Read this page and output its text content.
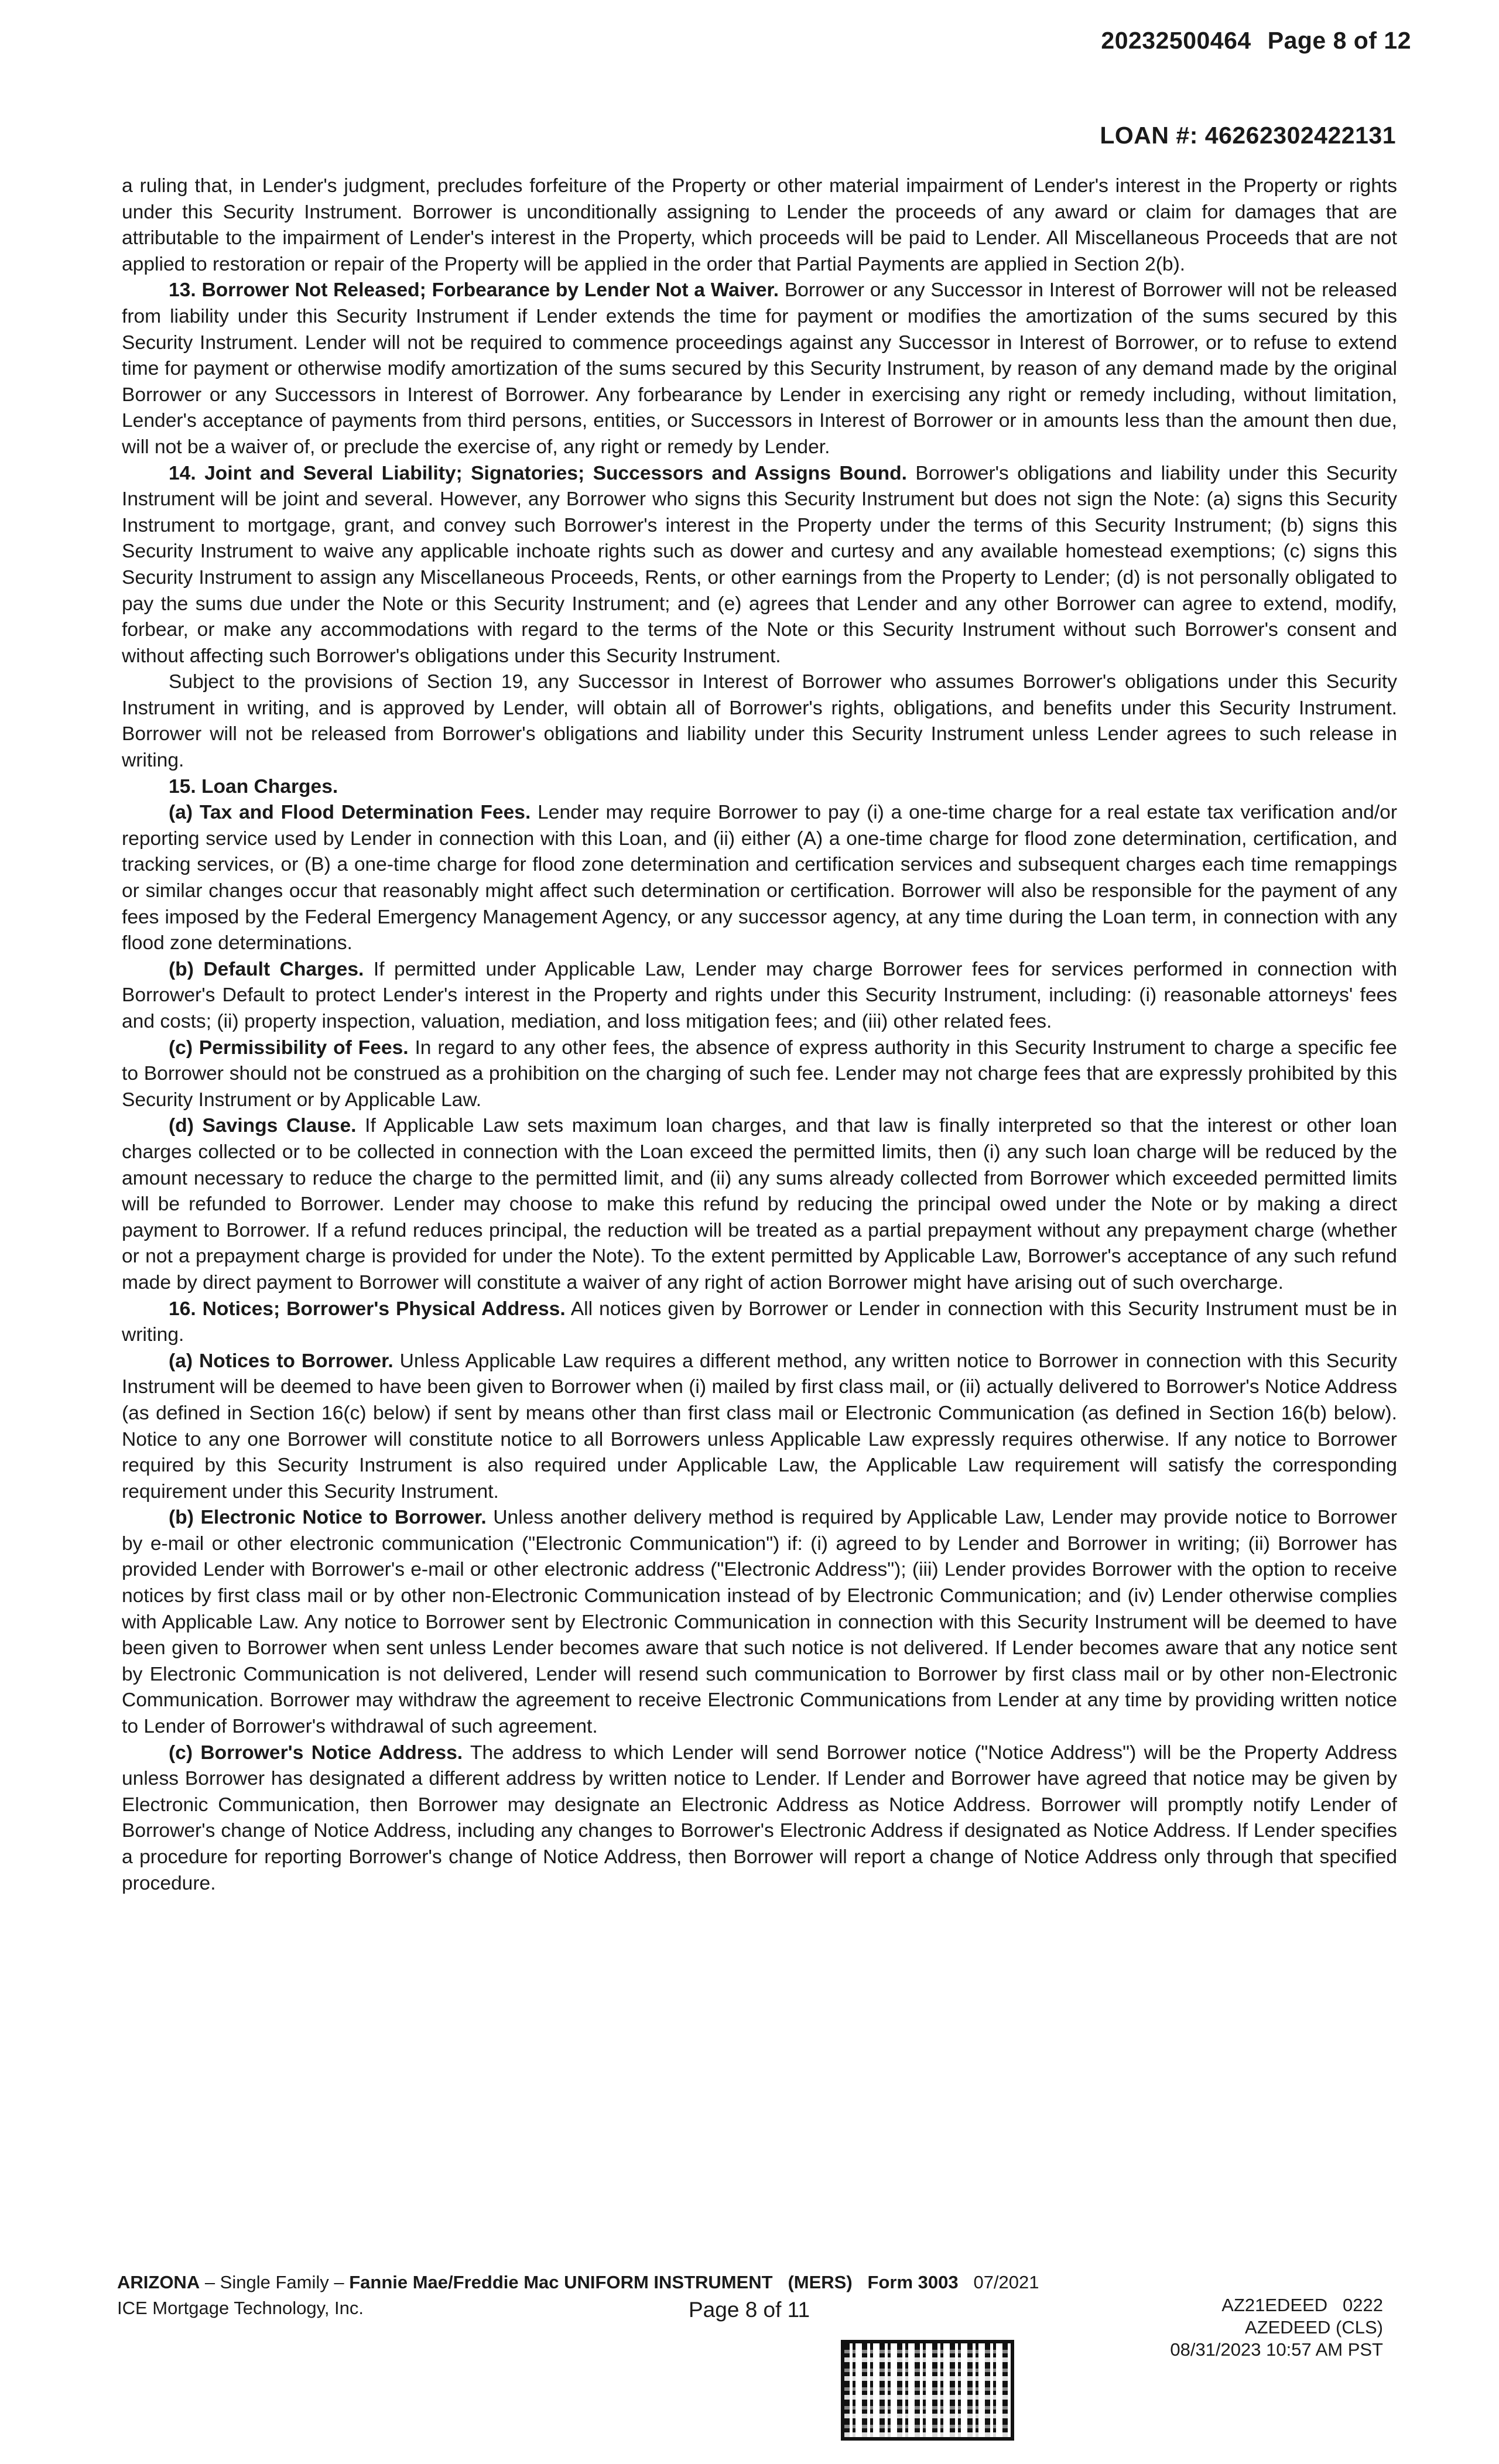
20232500464 Page 8 of 12
LOAN #: 46262302422131

a ruling that, in Lender's judgment, precludes forfeiture of the Property or other material impairment of Lender's interest in the Property or rights under this Security Instrument. Borrower is unconditionally assigning to Lender the proceeds of any award or claim for damages that are attributable to the impairment of Lender's interest in the Property, which proceeds will be paid to Lender. All Miscellaneous Proceeds that are not applied to restoration or repair of the Property will be applied in the order that Partial Payments are applied in Section 2(b).

13. Borrower Not Released; Forbearance by Lender Not a Waiver. Borrower or any Successor in Interest of Borrower will not be released from liability under this Security Instrument if Lender extends the time for payment or modifies the amortization of the sums secured by this Security Instrument. Lender will not be required to commence proceedings against any Successor in Interest of Borrower, or to refuse to extend time for payment or otherwise modify amortization of the sums secured by this Security Instrument, by reason of any demand made by the original Borrower or any Successors in Interest of Borrower. Any forbearance by Lender in exercising any right or remedy including, without limitation, Lender's acceptance of payments from third persons, entities, or Successors in Interest of Borrower or in amounts less than the amount then due, will not be a waiver of, or preclude the exercise of, any right or remedy by Lender.

14. Joint and Several Liability; Signatories; Successors and Assigns Bound. Borrower's obligations and liability under this Security Instrument will be joint and several. However, any Borrower who signs this Security Instrument but does not sign the Note: (a) signs this Security Instrument to mortgage, grant, and convey such Borrower's interest in the Property under the terms of this Security Instrument; (b) signs this Security Instrument to waive any applicable inchoate rights such as dower and curtesy and any available homestead exemptions; (c) signs this Security Instrument to assign any Miscellaneous Proceeds, Rents, or other earnings from the Property to Lender; (d) is not personally obligated to pay the sums due under the Note or this Security Instrument; and (e) agrees that Lender and any other Borrower can agree to extend, modify, forbear, or make any accommodations with regard to the terms of the Note or this Security Instrument without such Borrower's consent and without affecting such Borrower's obligations under this Security Instrument.

Subject to the provisions of Section 19, any Successor in Interest of Borrower who assumes Borrower's obligations under this Security Instrument in writing, and is approved by Lender, will obtain all of Borrower's rights, obligations, and benefits under this Security Instrument. Borrower will not be released from Borrower's obligations and liability under this Security Instrument unless Lender agrees to such release in writing.

15. Loan Charges.

(a) Tax and Flood Determination Fees. Lender may require Borrower to pay (i) a one-time charge for a real estate tax verification and/or reporting service used by Lender in connection with this Loan, and (ii) either (A) a one-time charge for flood zone determination, certification, and tracking services, or (B) a one-time charge for flood zone determination and certification services and subsequent charges each time remappings or similar changes occur that reasonably might affect such determination or certification. Borrower will also be responsible for the payment of any fees imposed by the Federal Emergency Management Agency, or any successor agency, at any time during the Loan term, in connection with any flood zone determinations.

(b) Default Charges. If permitted under Applicable Law, Lender may charge Borrower fees for services performed in connection with Borrower's Default to protect Lender's interest in the Property and rights under this Security Instrument, including: (i) reasonable attorneys' fees and costs; (ii) property inspection, valuation, mediation, and loss mitigation fees; and (iii) other related fees.

(c) Permissibility of Fees. In regard to any other fees, the absence of express authority in this Security Instrument to charge a specific fee to Borrower should not be construed as a prohibition on the charging of such fee. Lender may not charge fees that are expressly prohibited by this Security Instrument or by Applicable Law.

(d) Savings Clause. If Applicable Law sets maximum loan charges, and that law is finally interpreted so that the interest or other loan charges collected or to be collected in connection with the Loan exceed the permitted limits, then (i) any such loan charge will be reduced by the amount necessary to reduce the charge to the permitted limit, and (ii) any sums already collected from Borrower which exceeded permitted limits will be refunded to Borrower. Lender may choose to make this refund by reducing the principal owed under the Note or by making a direct payment to Borrower. If a refund reduces principal, the reduction will be treated as a partial prepayment without any prepayment charge (whether or not a prepayment charge is provided for under the Note). To the extent permitted by Applicable Law, Borrower's acceptance of any such refund made by direct payment to Borrower will constitute a waiver of any right of action Borrower might have arising out of such overcharge.

16. Notices; Borrower's Physical Address. All notices given by Borrower or Lender in connection with this Security Instrument must be in writing.

(a) Notices to Borrower. Unless Applicable Law requires a different method, any written notice to Borrower in connection with this Security Instrument will be deemed to have been given to Borrower when (i) mailed by first class mail, or (ii) actually delivered to Borrower's Notice Address (as defined in Section 16(c) below) if sent by means other than first class mail or Electronic Communication (as defined in Section 16(b) below). Notice to any one Borrower will constitute notice to all Borrowers unless Applicable Law expressly requires otherwise. If any notice to Borrower required by this Security Instrument is also required under Applicable Law, the Applicable Law requirement will satisfy the corresponding requirement under this Security Instrument.

(b) Electronic Notice to Borrower. Unless another delivery method is required by Applicable Law, Lender may provide notice to Borrower by e-mail or other electronic communication ("Electronic Communication") if: (i) agreed to by Lender and Borrower in writing; (ii) Borrower has provided Lender with Borrower's e-mail or other electronic address ("Electronic Address"); (iii) Lender provides Borrower with the option to receive notices by first class mail or by other non-Electronic Communication instead of by Electronic Communication; and (iv) Lender otherwise complies with Applicable Law. Any notice to Borrower sent by Electronic Communication in connection with this Security Instrument will be deemed to have been given to Borrower when sent unless Lender becomes aware that such notice is not delivered. If Lender becomes aware that any notice sent by Electronic Communication is not delivered, Lender will resend such communication to Borrower by first class mail or by other non-Electronic Communication. Borrower may withdraw the agreement to receive Electronic Communications from Lender at any time by providing written notice to Lender of Borrower's withdrawal of such agreement.

(c) Borrower's Notice Address. The address to which Lender will send Borrower notice ("Notice Address") will be the Property Address unless Borrower has designated a different address by written notice to Lender. If Lender and Borrower have agreed that notice may be given by Electronic Communication, then Borrower may designate an Electronic Address as Notice Address. Borrower will promptly notify Lender of Borrower's change of Notice Address, including any changes to Borrower's Electronic Address if designated as Notice Address. If Lender specifies a procedure for reporting Borrower's change of Notice Address, then Borrower will report a change of Notice Address only through that specified procedure.

ARIZONA – Single Family – Fannie Mae/Freddie Mac UNIFORM INSTRUMENT (MERS) Form 3003 07/2021
ICE Mortgage Technology, Inc.	Page 8 of 11	AZ21EDEED 0222
AZEDEED (CLS)
08/31/2023 10:57 AM PST
